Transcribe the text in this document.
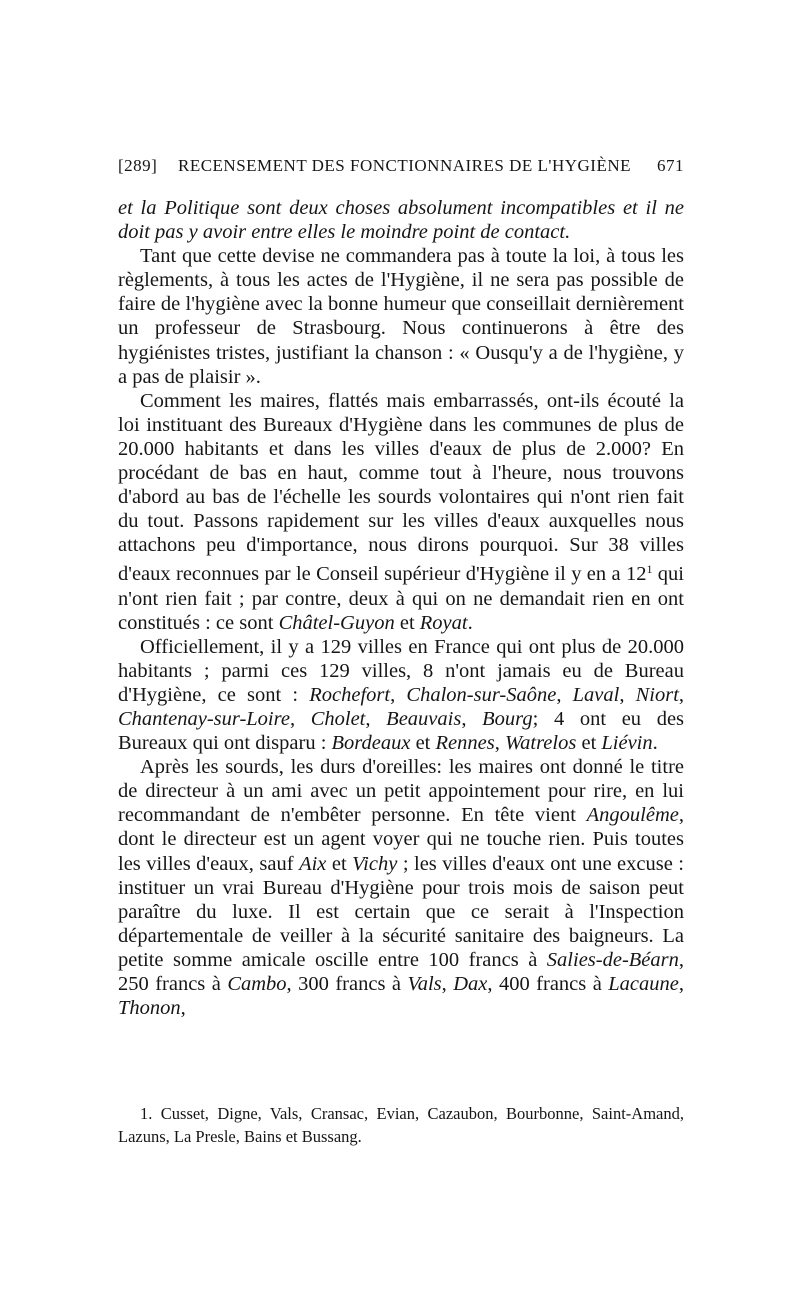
[289]	RECENSEMENT DES FONCTIONNAIRES DE L'HYGIÈNE	671

et la Politique sont deux choses absolument incompatibles et il ne doit pas y avoir entre elles le moindre point de contact.

Tant que cette devise ne commandera pas à toute la loi, à tous les règlements, à tous les actes de l'Hygiène, il ne sera pas possible de faire de l'hygiène avec la bonne humeur que conseillait dernièrement un professeur de Strasbourg. Nous continuerons à être des hygiénistes tristes, justifiant la chanson : « Ousqu'y a de l'hygiène, y a pas de plaisir ».

Comment les maires, flattés mais embarrassés, ont-ils écouté la loi instituant des Bureaux d'Hygiène dans les communes de plus de 20.000 habitants et dans les villes d'eaux de plus de 2.000? En procédant de bas en haut, comme tout à l'heure, nous trouvons d'abord au bas de l'échelle les sourds volontaires qui n'ont rien fait du tout. Passons rapidement sur les villes d'eaux auxquelles nous attachons peu d'importance, nous dirons pourquoi. Sur 38 villes d'eaux reconnues par le Conseil supérieur d'Hygiène il y en a $12^1$ qui n'ont rien fait ; par contre, deux à qui on ne demandait rien en ont constitués : ce sont Châtel-Guyon et Royat.

Officiellement, il y a 129 villes en France qui ont plus de 20.000 habitants ; parmi ces 129 villes, 8 n'ont jamais eu de Bureau d'Hygiène, ce sont : Rochefort, Chalon-sur-Saône, Laval, Niort, Chantenay-sur-Loire, Cholet, Beauvais, Bourg; 4 ont eu des Bureaux qui ont disparu : Bordeaux et Rennes, Watrelos et Liévin.

Après les sourds, les durs d'oreilles: les maires ont donné le titre de directeur à un ami avec un petit appointement pour rire, en lui recommandant de n'embêter personne. En tête vient Angoulême, dont le directeur est un agent voyer qui ne touche rien. Puis toutes les villes d'eaux, sauf Aix et Vichy ; les villes d'eaux ont une excuse : instituer un vrai Bureau d'Hygiène pour trois mois de saison peut paraître du luxe. Il est certain que ce serait à l'Inspection départementale de veiller à la sécurité sanitaire des baigneurs. La petite somme amicale oscille entre 100 francs à Salies-de-Béarn, 250 francs à Cambo, 300 francs à Vals, Dax, 400 francs à Lacaune, Thonon,

1. Cusset, Digne, Vals, Cransac, Evian, Cazaubon, Bourbonne, Saint-Amand, Lazuns, La Presle, Bains et Bussang.
